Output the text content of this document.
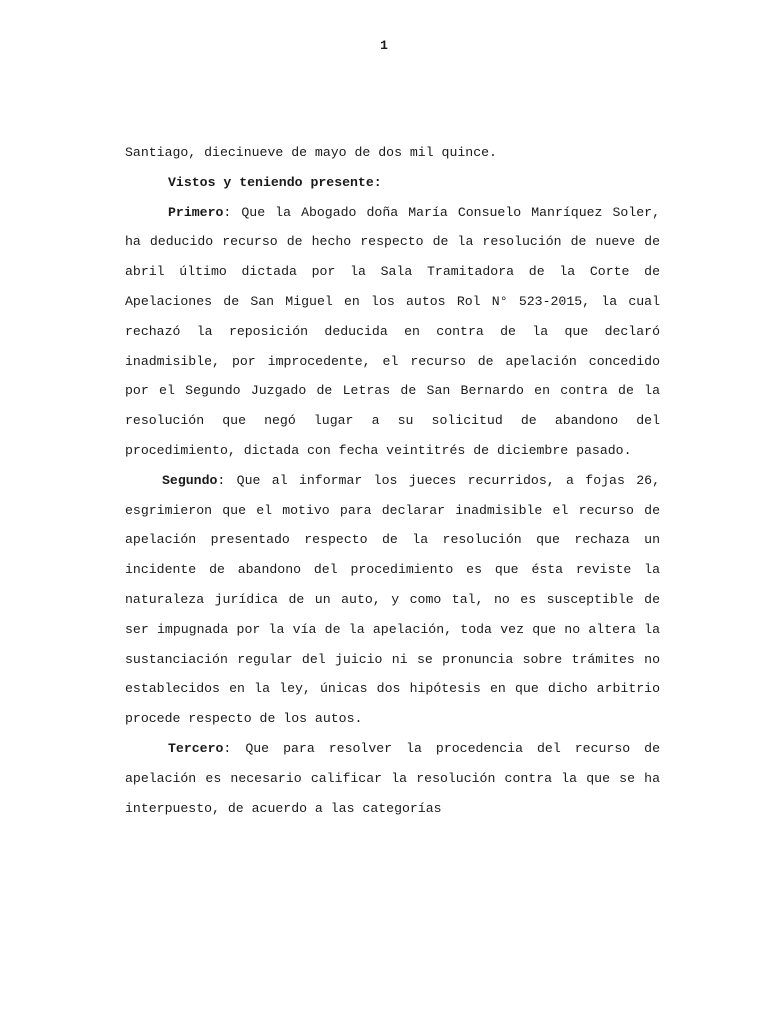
1

Santiago, diecinueve de mayo de dos mil quince.

Vistos y teniendo presente:

Primero: Que la Abogado doña María Consuelo Manríquez Soler, ha deducido recurso de hecho respecto de la resolución de nueve de abril último dictada por la Sala Tramitadora de la Corte de Apelaciones de San Miguel en los autos Rol N° 523-2015, la cual rechazó la reposición deducida en contra de la que declaró inadmisible, por improcedente, el recurso de apelación concedido por el Segundo Juzgado de Letras de San Bernardo en contra de la resolución que negó lugar a su solicitud de abandono del procedimiento, dictada con fecha veintitrés de diciembre pasado.

Segundo: Que al informar los jueces recurridos, a fojas 26, esgrimieron que el motivo para declarar inadmisible el recurso de apelación presentado respecto de la resolución que rechaza un incidente de abandono del procedimiento es que ésta reviste la naturaleza jurídica de un auto, y como tal, no es susceptible de ser impugnada por la vía de la apelación, toda vez que no altera la sustanciación regular del juicio ni se pronuncia sobre trámites no establecidos en la ley, únicas dos hipótesis en que dicho arbitrio procede respecto de los autos.

Tercero: Que para resolver la procedencia del recurso de apelación es necesario calificar la resolución contra la que se ha interpuesto, de acuerdo a las categorías
